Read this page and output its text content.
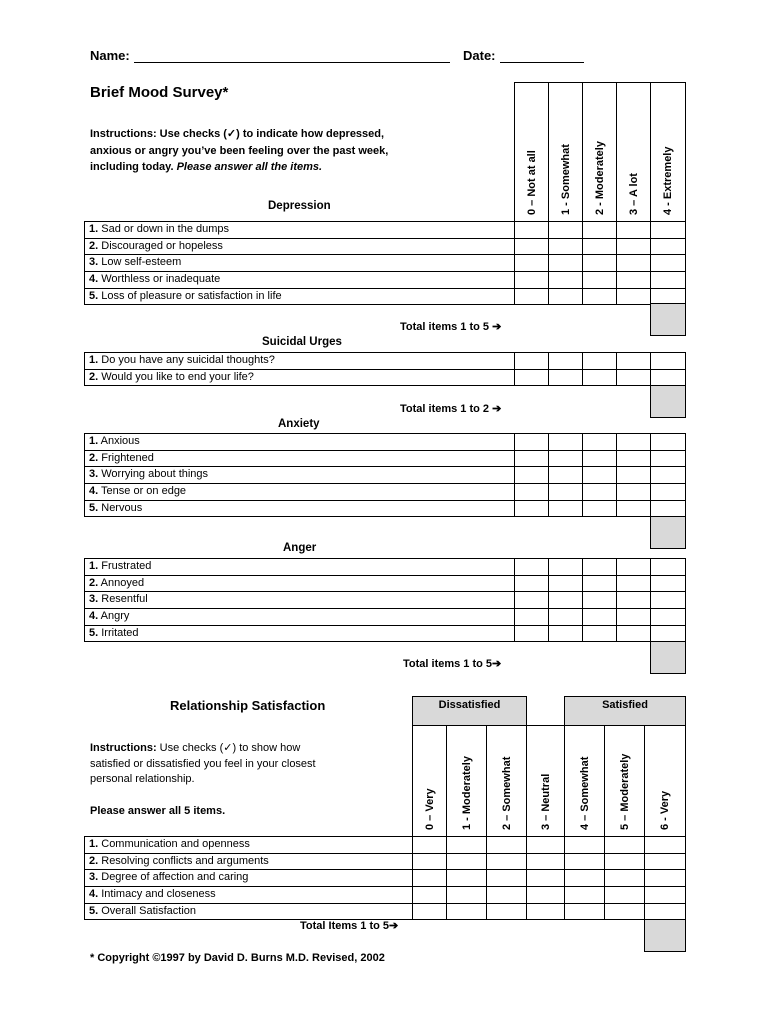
Name:	Date:
Brief Mood Survey*
Instructions: Use checks (✓) to indicate how depressed,
anxious or angry you’ve been feeling over the past week,
including today. Please answer all the items.	0 – Not at all 1 - Somewhat 2 - Moderately 3 – A lot 4 - Extremely
Depression
1. Sad or down in the dumps
2. Discouraged or hopeless
3. Low self-esteem
4. Worthless or inadequate
5. Loss of pleasure or satisfaction in life
Total items 1 to 5 ➔
Suicidal Urges
1. Do you have any suicidal thoughts?
2. Would you like to end your life?
Total items 1 to 2 ➔
Anxiety
1. Anxious
2. Frightened
3. Worrying about things
4. Tense or on edge
5. Nervous
Anger
1. Frustrated
2. Annoyed
3. Resentful
4. Angry
5. Irritated
Total items 1 to 5➔
Relationship Satisfaction
Instructions: Use checks (✓) to show how
satisfied or dissatisfied you feel in your closest
personal relationship.
Please answer all 5 items.
Dissatisfied	Satisfied
0 – Very 1 - Moderately	2 – Somewhat 3 – Neutral 4 – Somewhat	5 – Moderately	6 - Very
1. Communication and openness
2. Resolving conflicts and arguments
3. Degree of affection and caring
4. Intimacy and closeness
5. Overall Satisfaction
Total Items 1 to 5➔
* Copyright ©1997 by David D. Burns M.D. Revised, 2002
